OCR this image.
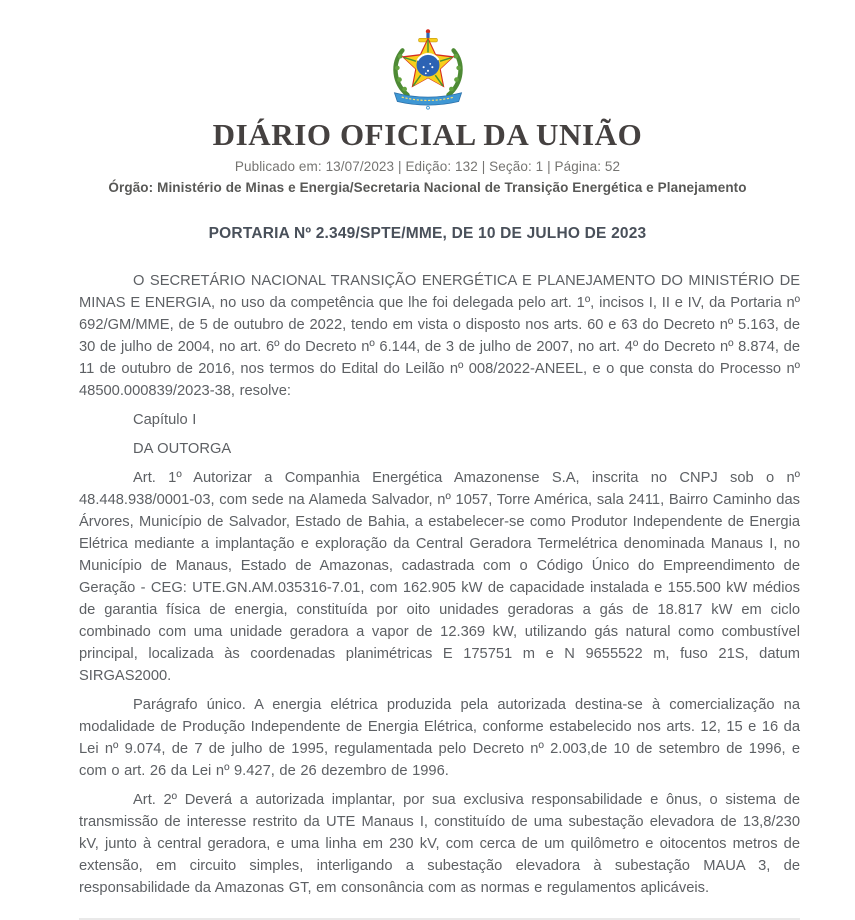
DIÁRIO OFICIAL DA UNIÃO
Publicado em: 13/07/2023 | Edição: 132 | Seção: 1 | Página: 52
Órgão: Ministério de Minas e Energia/Secretaria Nacional de Transição Energética e Planejamento
PORTARIA Nº 2.349/SPTE/MME, DE 10 DE JULHO DE 2023

O SECRETÁRIO NACIONAL TRANSIÇÃO ENERGÉTICA E PLANEJAMENTO DO MINISTÉRIO DE MINAS E ENERGIA, no uso da competência que lhe foi delegada pelo art. 1º, incisos I, II e IV, da Portaria nº 692/GM/MME, de 5 de outubro de 2022, tendo em vista o disposto nos arts. 60 e 63 do Decreto nº 5.163, de 30 de julho de 2004, no art. 6º do Decreto nº 6.144, de 3 de julho de 2007, no art. 4º do Decreto nº 8.874, de 11 de outubro de 2016, nos termos do Edital do Leilão nº 008/2022-ANEEL, e o que consta do Processo nº 48500.000839/2023-38, resolve:

Capítulo I

DA OUTORGA

Art. 1º Autorizar a Companhia Energética Amazonense S.A, inscrita no CNPJ sob o nº 48.448.938/0001-03, com sede na Alameda Salvador, nº 1057, Torre América, sala 2411, Bairro Caminho das Árvores, Município de Salvador, Estado de Bahia, a estabelecer-se como Produtor Independente de Energia Elétrica mediante a implantação e exploração da Central Geradora Termelétrica denominada Manaus I, no Município de Manaus, Estado de Amazonas, cadastrada com o Código Único do Empreendimento de Geração - CEG: UTE.GN.AM.035316-7.01, com 162.905 kW de capacidade instalada e 155.500 kW médios de garantia física de energia, constituída por oito unidades geradoras a gás de 18.817 kW em ciclo combinado com uma unidade geradora a vapor de 12.369 kW, utilizando gás natural como combustível principal, localizada às coordenadas planimétricas E 175751 m e N 9655522 m, fuso 21S, datum SIRGAS2000.

Parágrafo único. A energia elétrica produzida pela autorizada destina-se à comercialização na modalidade de Produção Independente de Energia Elétrica, conforme estabelecido nos arts. 12, 15 e 16 da Lei nº 9.074, de 7 de julho de 1995, regulamentada pelo Decreto nº 2.003,de 10 de setembro de 1996, e com o art. 26 da Lei nº 9.427, de 26 dezembro de 1996.

Art. 2º Deverá a autorizada implantar, por sua exclusiva responsabilidade e ônus, o sistema de transmissão de interesse restrito da UTE Manaus I, constituído de uma subestação elevadora de 13,8/230 kV, junto à central geradora, e uma linha em 230 kV, com cerca de um quilômetro e oitocentos metros de extensão, em circuito simples, interligando a subestação elevadora à subestação MAUA 3, de responsabilidade da Amazonas GT, em consonância com as normas e regulamentos aplicáveis.
